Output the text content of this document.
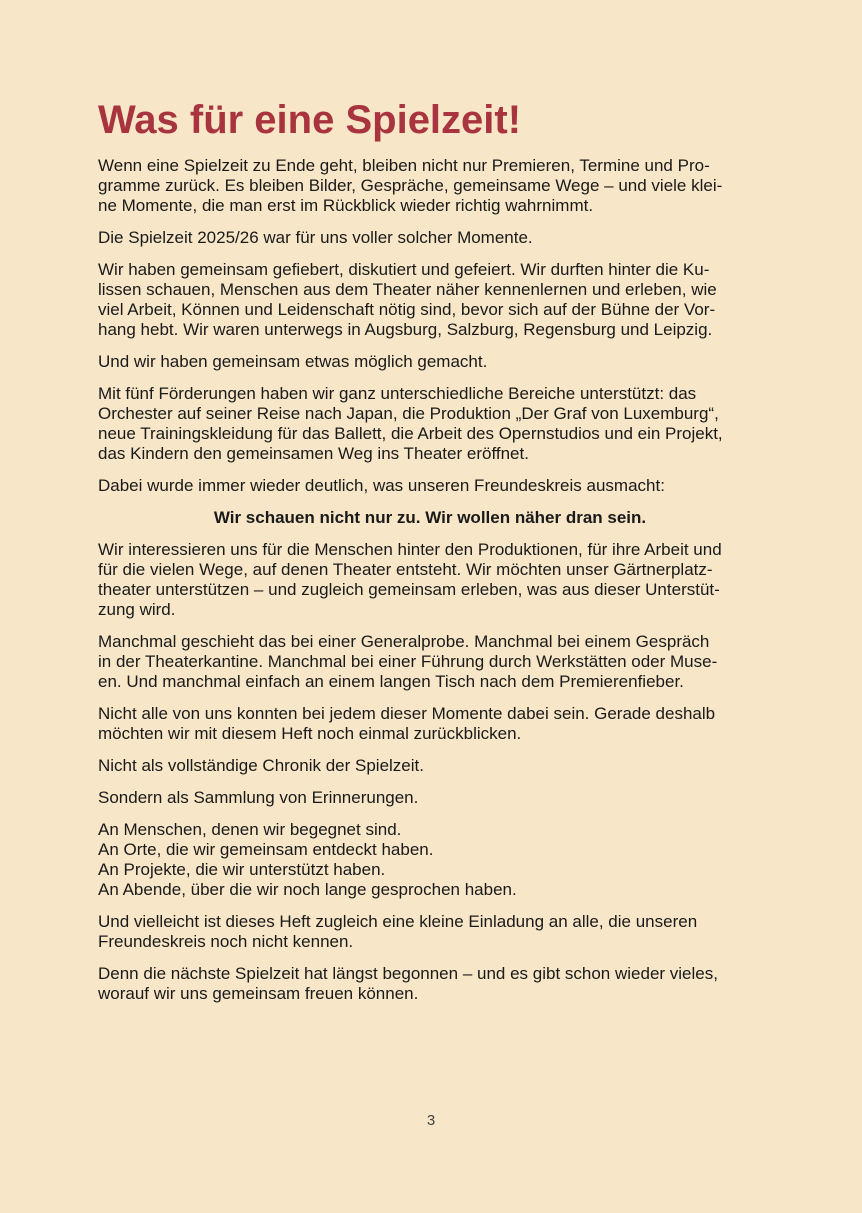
Was für eine Spielzeit!

Wenn eine Spielzeit zu Ende geht, bleiben nicht nur Premieren, Termine und Pro-
gramme zurück. Es bleiben Bilder, Gespräche, gemeinsame Wege – und viele klei-
ne Momente, die man erst im Rückblick wieder richtig wahrnimmt.

Die Spielzeit 2025/26 war für uns voller solcher Momente.

Wir haben gemeinsam gefiebert, diskutiert und gefeiert. Wir durften hinter die Ku-
lissen schauen, Menschen aus dem Theater näher kennenlernen und erleben, wie
viel Arbeit, Können und Leidenschaft nötig sind, bevor sich auf der Bühne der Vor-
hang hebt. Wir waren unterwegs in Augsburg, Salzburg, Regensburg und Leipzig.

Und wir haben gemeinsam etwas möglich gemacht.

Mit fünf Förderungen haben wir ganz unterschiedliche Bereiche unterstützt: das
Orchester auf seiner Reise nach Japan, die Produktion „Der Graf von Luxemburg“,
neue Trainingskleidung für das Ballett, die Arbeit des Opernstudios und ein Projekt,
das Kindern den gemeinsamen Weg ins Theater eröffnet.

Dabei wurde immer wieder deutlich, was unseren Freundeskreis ausmacht:

Wir schauen nicht nur zu. Wir wollen näher dran sein.

Wir interessieren uns für die Menschen hinter den Produktionen, für ihre Arbeit und
für die vielen Wege, auf denen Theater entsteht. Wir möchten unser Gärtnerplatz-
theater unterstützen – und zugleich gemeinsam erleben, was aus dieser Unterstüt-
zung wird.

Manchmal geschieht das bei einer Generalprobe. Manchmal bei einem Gespräch
in der Theaterkantine. Manchmal bei einer Führung durch Werkstätten oder Muse-
en. Und manchmal einfach an einem langen Tisch nach dem Premierenfieber.

Nicht alle von uns konnten bei jedem dieser Momente dabei sein. Gerade deshalb
möchten wir mit diesem Heft noch einmal zurückblicken.

Nicht als vollständige Chronik der Spielzeit.

Sondern als Sammlung von Erinnerungen.

An Menschen, denen wir begegnet sind.
An Orte, die wir gemeinsam entdeckt haben.
An Projekte, die wir unterstützt haben.
An Abende, über die wir noch lange gesprochen haben.

Und vielleicht ist dieses Heft zugleich eine kleine Einladung an alle, die unseren
Freundeskreis noch nicht kennen.

Denn die nächste Spielzeit hat längst begonnen – und es gibt schon wieder vieles,
worauf wir uns gemeinsam freuen können.

3
